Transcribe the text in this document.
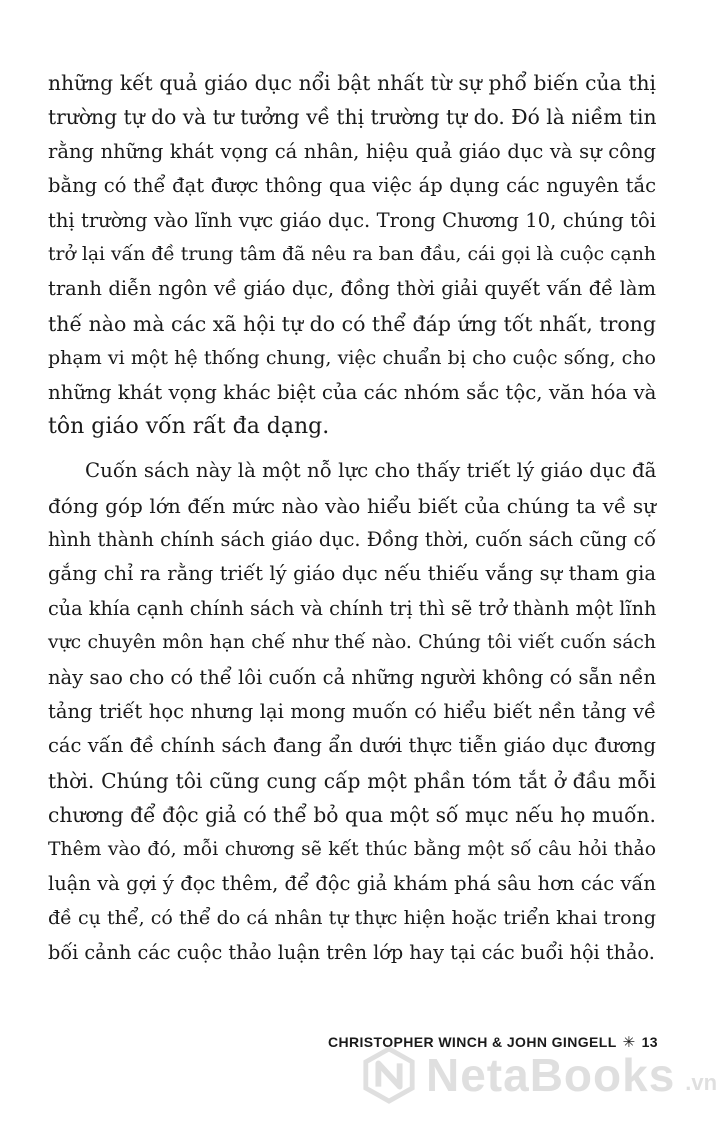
những kết quả giáo dục nổi bật nhất từ sự phổ biến của thị
trường tự do và tư tưởng về thị trường tự do. Đó là niềm tin
rằng những khát vọng cá nhân, hiệu quả giáo dục và sự công
bằng có thể đạt được thông qua việc áp dụng các nguyên tắc
thị trường vào lĩnh vực giáo dục. Trong Chương 10, chúng tôi
trở lại vấn đề trung tâm đã nêu ra ban đầu, cái gọi là cuộc cạnh
tranh diễn ngôn về giáo dục, đồng thời giải quyết vấn đề làm
thế nào mà các xã hội tự do có thể đáp ứng tốt nhất, trong
phạm vi một hệ thống chung, việc chuẩn bị cho cuộc sống, cho
những khát vọng khác biệt của các nhóm sắc tộc, văn hóa và
tôn giáo vốn rất đa dạng.
Cuốn sách này là một nỗ lực cho thấy triết lý giáo dục đã
đóng góp lớn đến mức nào vào hiểu biết của chúng ta về sự
hình thành chính sách giáo dục. Đồng thời, cuốn sách cũng cố
gắng chỉ ra rằng triết lý giáo dục nếu thiếu vắng sự tham gia
của khía cạnh chính sách và chính trị thì sẽ trở thành một lĩnh
vực chuyên môn hạn chế như thế nào. Chúng tôi viết cuốn sách
này sao cho có thể lôi cuốn cả những người không có sẵn nền
tảng triết học nhưng lại mong muốn có hiểu biết nền tảng về
các vấn đề chính sách đang ẩn dưới thực tiễn giáo dục đương
thời. Chúng tôi cũng cung cấp một phần tóm tắt ở đầu mỗi
chương để độc giả có thể bỏ qua một số mục nếu họ muốn.
Thêm vào đó, mỗi chương sẽ kết thúc bằng một số câu hỏi thảo
luận và gợi ý đọc thêm, để độc giả khám phá sâu hơn các vấn
đề cụ thể, có thể do cá nhân tự thực hiện hoặc triển khai trong
bối cảnh các cuộc thảo luận trên lớp hay tại các buổi hội thảo.
CHRISTOPHER WINCH & JOHN GINGELL ✳ 13
NetaBooks .vn
